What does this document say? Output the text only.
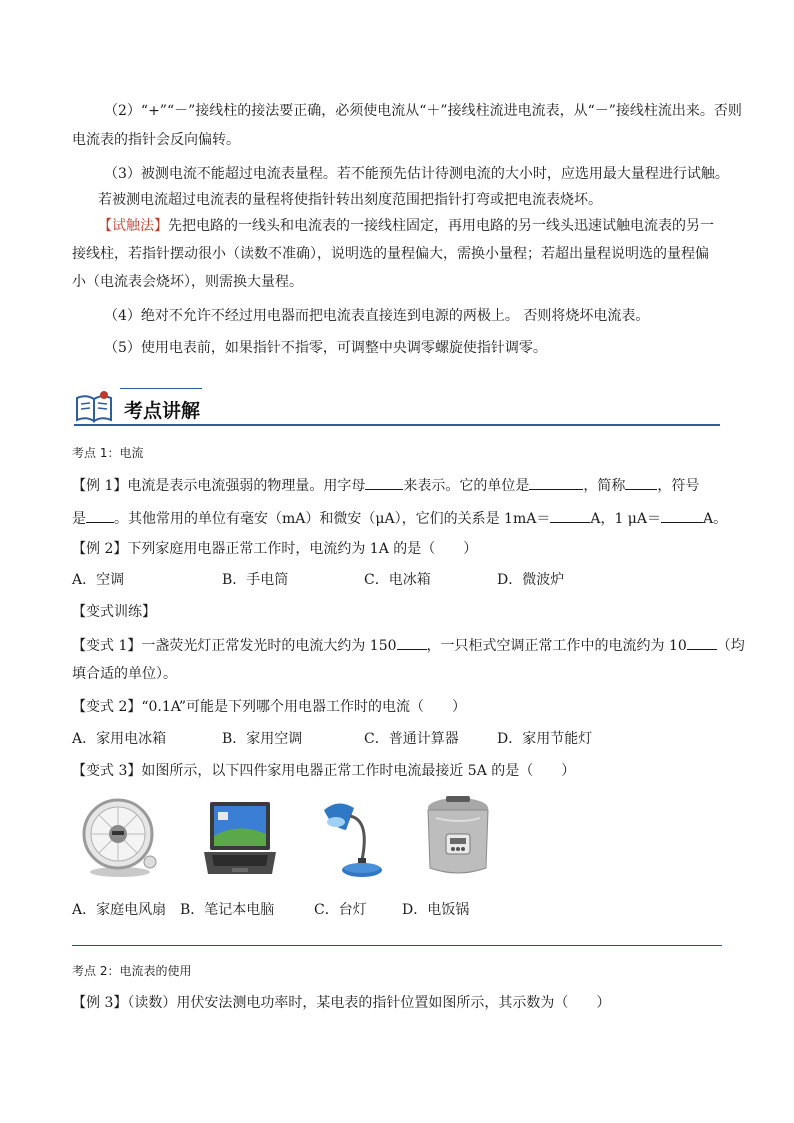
（2）“+”“－”接线柱的接法要正确，必须使电流从“＋”接线柱流进电流表，从“－”接线柱流出来。否则
电流表的指针会反向偏转。
（3）被测电流不能超过电流表量程。若不能预先估计待测电流的大小时，应选用最大量程进行试触。
若被测电流超过电流表的量程将使指针转出刻度范围把指针打弯或把电流表烧坏。
【试触法】先把电路的一线头和电流表的一接线柱固定，再用电路的另一线头迅速试触电流表的另一
接线柱，若指针摆动很小（读数不准确），说明选的量程偏大，需换小量程；若超出量程说明选的量程偏
小（电流表会烧坏），则需换大量程。
（4）绝对不允许不经过用电器而把电流表直接连到电源的两极上。 否则将烧坏电流表。
（5）使用电表前，如果指针不指零，可调整中央调零螺旋使指针调零。
考点讲解
考点 1：电流
【例 1】电流是表示电流强弱的物理量。用字母	来表示。它的单位是	，简称 ，符号
是 。其他常用的单位有毫安（mA）和微安（μA），它们的关系是 1mA＝	A，1 μA＝	A。
【例 2】下列家庭用电器正常工作时，电流约为 1A 的是（　　）
A．空调	B．手电筒	C．电冰箱	D．微波炉
【变式训练】
【变式 1】一盏荧光灯正常发光时的电流大约为 150 ，一只柜式空调正常工作中的电流约为 10 （均
填合适的单位）。
【变式 2】“0.1A”可能是下列哪个用电器工作时的电流（　　）
A．家用电冰箱	B．家用空调	C．普通计算器	D．家用节能灯
【变式 3】如图所示，以下四件家用电器正常工作时电流最接近 5A 的是（　　）
A．家庭电风扇 B．笔记本电脑	C．台灯	D．电饭锅
考点 2：电流表的使用
【例 3】（读数）用伏安法测电功率时，某电表的指针位置如图所示，其示数为（　　）
